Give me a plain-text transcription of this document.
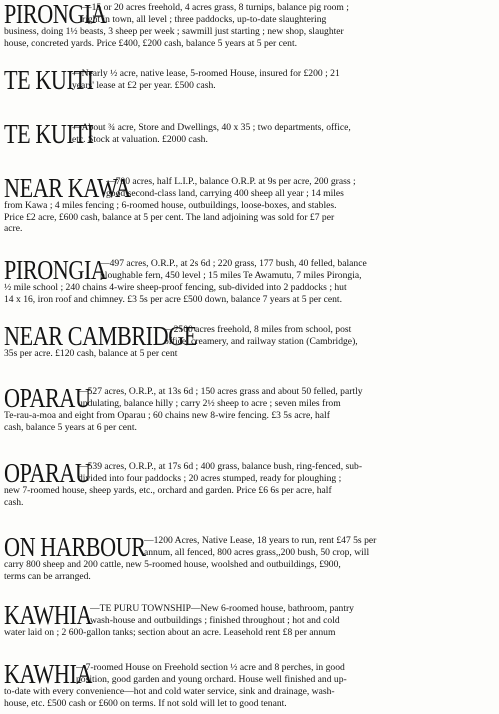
PIRONGIA
—15 or 20 acres freehold, 4 acres grass, 8 turnips, balance pig room ;
right in town, all level ; three paddocks, up-to-date slaughtering
business, doing 1½ beasts, 3 sheep per week ; sawmill just starting ; new shop, slaughter
house, concreted yards. Price £400, £200 cash, balance 5 years at 5 per cent.
TE KUITI
—Nearly ½ acre, native lease, 5-roomed House, insured for £200 ; 21
years' lease at £2 per year. £500 cash.
TE KUITI
—About ¾ acre, Store and Dwellings, 40 x 35 ; two departments, office,
etc. Stock at valuation. £2000 cash.
NEAR KAWA
—700 acres, half L.I.P., balance O.R.P. at 9s per acre, 200 grass ;
good second-class land, carrying 400 sheep all year ; 14 miles
from Kawa ; 4 miles fencing ; 6-roomed house, outbuildings, loose-boxes, and stables.
Price £2 acre, £600 cash, balance at 5 per cent. The land adjoining was sold for £7 per
acre.
PIRONGIA
—497 acres, O.R.P., at 2s 6d ; 220 grass, 177 bush, 40 felled, balance
ploughable fern, 450 level ; 15 miles Te Awamutu, 7 miles Pirongia,
½ mile school ; 240 chains 4-wire sheep-proof fencing, sub-divided into 2 paddocks ; hut
14 x 16, iron roof and chimney. £3 5s per acre £500 down, balance 7 years at 5 per cent.
NEAR CAMBRIDGE
—2500 acres freehold, 8 miles from school, post
office, creamery, and railway station (Cambridge),
35s per acre. £120 cash, balance at 5 per cent
OPARAU
—527 acres, O.R.P., at 13s 6d ; 150 acres grass and about 50 felled, partly
undulating, balance hilly ; carry 2½ sheep to acre ; seven miles from
Te-rau-a-moa and eight from Oparau ; 60 chains new 8-wire fencing. £3 5s acre, half
cash, balance 5 years at 6 per cent.
OPARAU
—539 acres, O.R.P., at 17s 6d ; 400 grass, balance bush, ring-fenced, sub-
divided into four paddocks ; 20 acres stumped, ready for ploughing ;
new 7-roomed house, sheep yards, etc., orchard and garden. Price £6 6s per acre, half
cash.
ON HARBOUR
—1200 Acres, Native Lease, 18 years to run, rent £47 5s per
annum, all fenced, 800 acres grass,,200 bush, 50 crop, will
carry 800 sheep and 200 cattle, new 5-roomed house, woolshed and outbuildings, £900,
terms can be arranged.
KAWHIA
—TE PURU TOWNSHIP—New 6-roomed house, bathroom, pantry
wash-house and outbuildings ; finished throughout ; hot and cold
water laid on ; 2 600-gallon tanks; section about an acre. Leasehold rent £8 per annum
KAWHIA
—7-roomed House on Freehold section ½ acre and 8 perches, in good
position, good garden and young orchard. House well finished and up-
to-date with every convenience—hot and cold water service, sink and drainage, wash-
house, etc. £500 cash or £600 on terms. If not sold will let to good tenant.
